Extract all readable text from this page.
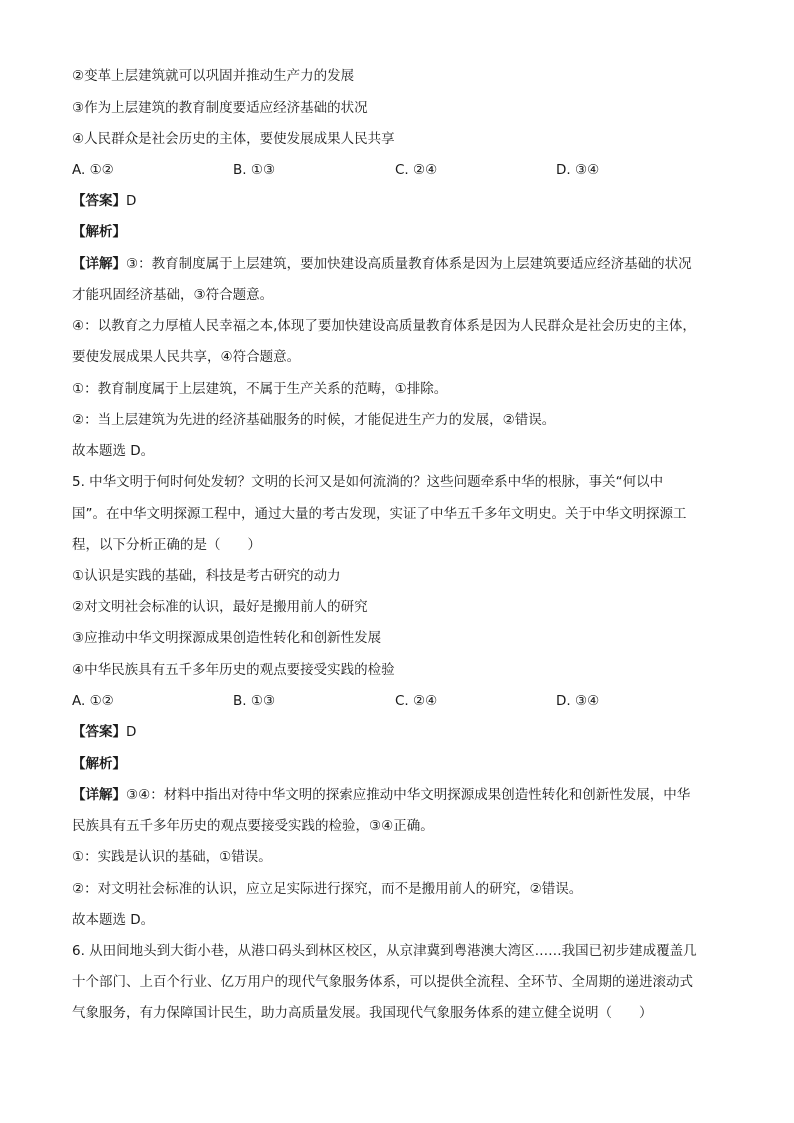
②变革上层建筑就可以巩固并推动生产力的发展
③作为上层建筑的教育制度要适应经济基础的状况
④人民群众是社会历史的主体，要使发展成果人民共享
A. ①②	B. ①③	C. ②④	D. ③④
【答案】D
【解析】
【详解】③：教育制度属于上层建筑，要加快建设高质量教育体系是因为上层建筑要适应经济基础的状况
才能巩固经济基础，③符合题意。
④：以教育之力厚植人民幸福之本,体现了要加快建设高质量教育体系是因为人民群众是社会历史的主体，
要使发展成果人民共享，④符合题意。
①：教育制度属于上层建筑，不属于生产关系的范畴，①排除。
②：当上层建筑为先进的经济基础服务的时候，才能促进生产力的发展，②错误。
故本题选 D。
5. 中华文明于何时何处发轫？文明的长河又是如何流淌的？这些问题牵系中华的根脉，事关“何以中
国”。在中华文明探源工程中，通过大量的考古发现，实证了中华五千多年文明史。关于中华文明探源工
程，以下分析正确的是（　　）
①认识是实践的基础，科技是考古研究的动力
②对文明社会标准的认识，最好是搬用前人的研究
③应推动中华文明探源成果创造性转化和创新性发展
④中华民族具有五千多年历史的观点要接受实践的检验
A. ①②	B. ①③	C. ②④	D. ③④
【答案】D
【解析】
【详解】③④：材料中指出对待中华文明的探索应推动中华文明探源成果创造性转化和创新性发展，中华
民族具有五千多年历史的观点要接受实践的检验，③④正确。
①：实践是认识的基础，①错误。
②：对文明社会标准的认识，应立足实际进行探究，而不是搬用前人的研究，②错误。
故本题选 D。
6. 从田间地头到大街小巷，从港口码头到林区校区，从京津冀到粤港澳大湾区……我国已初步建成覆盖几
十个部门、上百个行业、亿万用户的现代气象服务体系，可以提供全流程、全环节、全周期的递进滚动式
气象服务，有力保障国计民生，助力高质量发展。我国现代气象服务体系的建立健全说明（　　）
